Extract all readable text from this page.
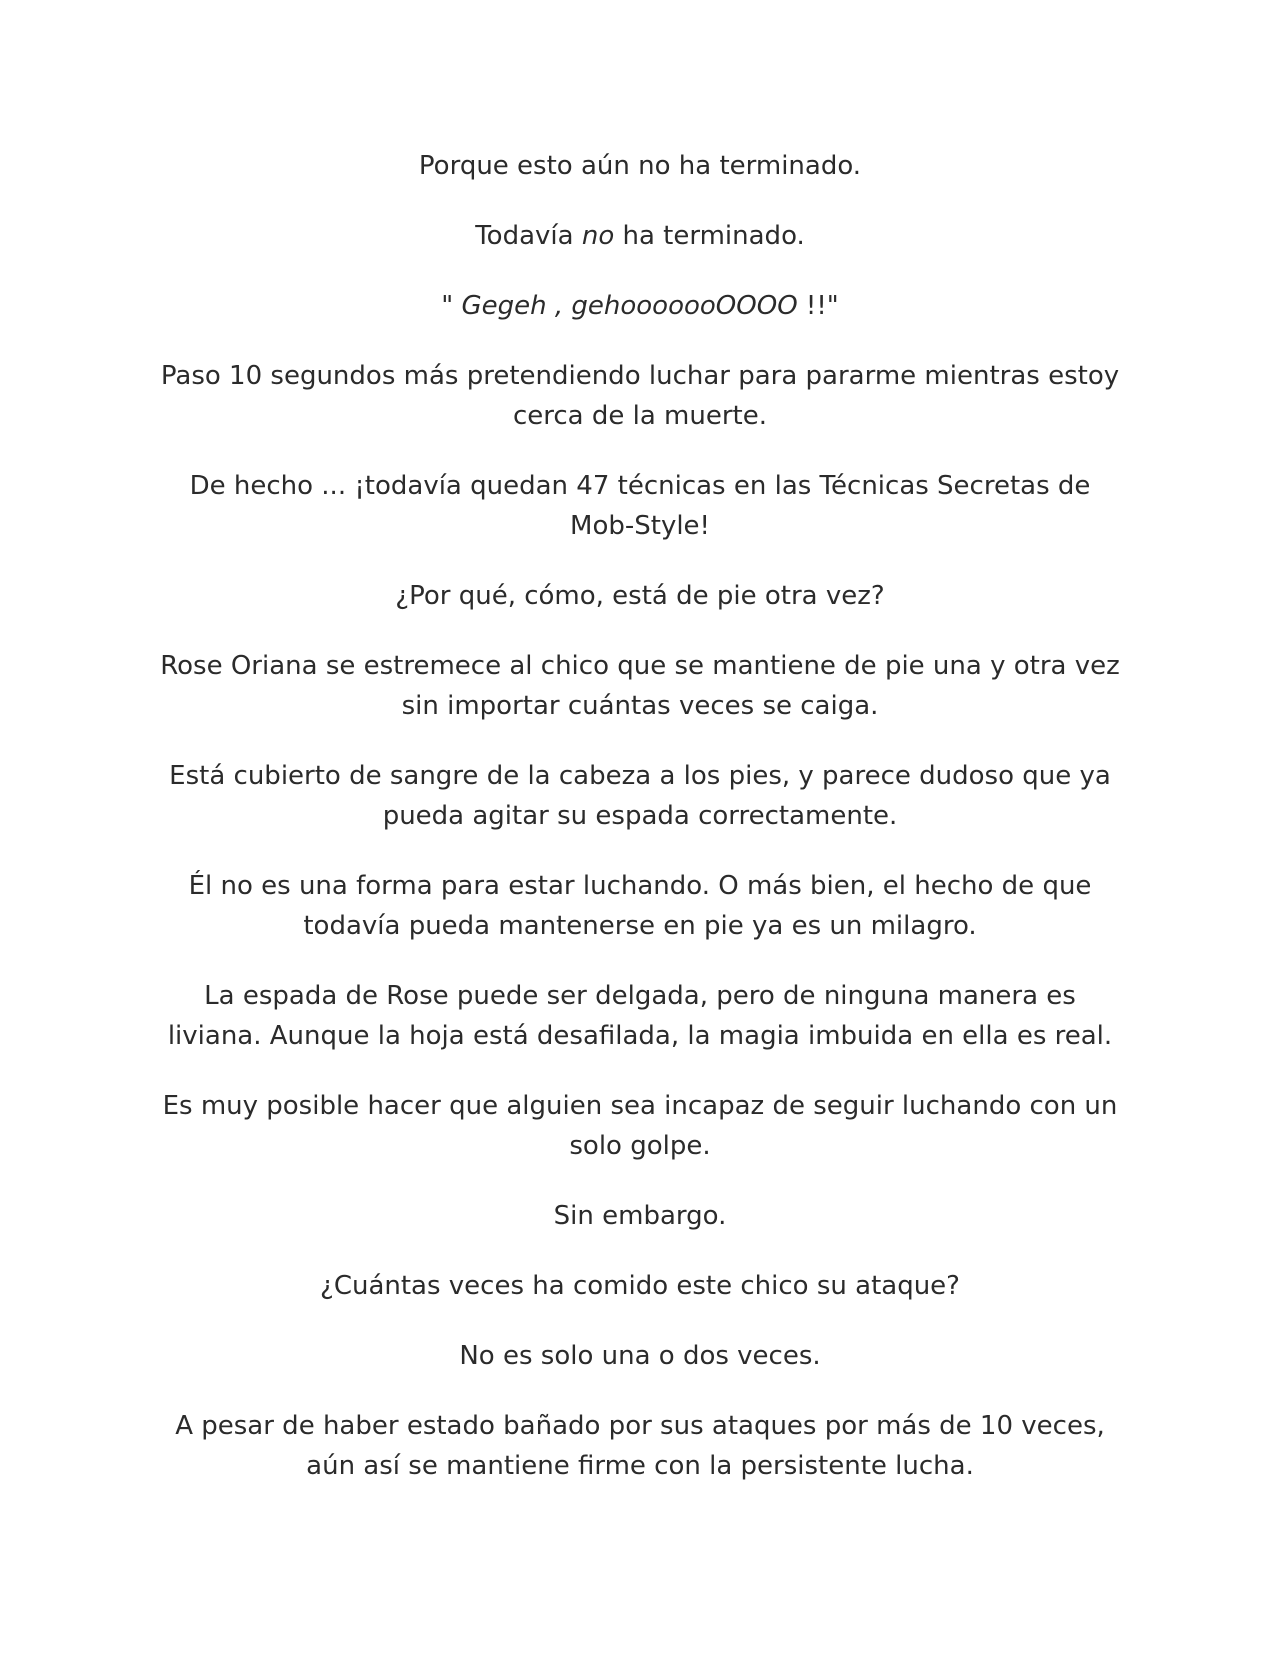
Porque esto aún no ha terminado.

Todavía no ha terminado.

" Gegeh , gehooooooOOOO !!"

Paso 10 segundos más pretendiendo luchar para pararme mientras estoy cerca de la muerte.

De hecho ... ¡todavía quedan 47 técnicas en las Técnicas Secretas de Mob-Style!

¿Por qué, cómo, está de pie otra vez?

Rose Oriana se estremece al chico que se mantiene de pie una y otra vez sin importar cuántas veces se caiga.

Está cubierto de sangre de la cabeza a los pies, y parece dudoso que ya pueda agitar su espada correctamente.

Él no es una forma para estar luchando. O más bien, el hecho de que todavía pueda mantenerse en pie ya es un milagro.

La espada de Rose puede ser delgada, pero de ninguna manera es liviana. Aunque la hoja está desafilada, la magia imbuida en ella es real.

Es muy posible hacer que alguien sea incapaz de seguir luchando con un solo golpe.

Sin embargo.

¿Cuántas veces ha comido este chico su ataque?

No es solo una o dos veces.

A pesar de haber estado bañado por sus ataques por más de 10 veces, aún así se mantiene firme con la persistente lucha.
